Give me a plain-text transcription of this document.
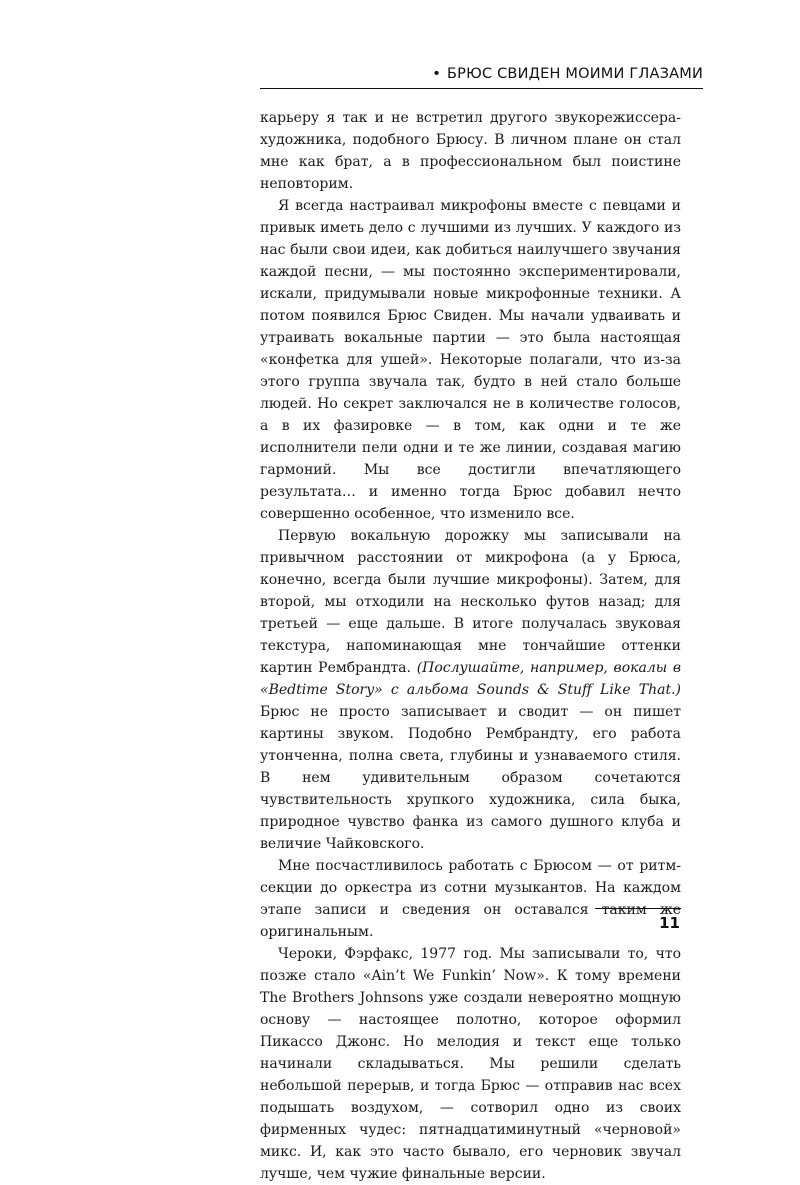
• БРЮС СВИДЕН МОИМИ ГЛАЗАМИ

карьеру я так и не встретил другого звукорежиссера-художника, подобного Брюсу. В личном плане он стал мне как брат, а в профессиональном был поистине неповторим.

Я всегда настраивал микрофоны вместе с певцами и привык иметь дело с лучшими из лучших. У каждого из нас были свои идеи, как добиться наилучшего звучания каждой песни, — мы постоянно экспериментировали, искали, придумывали новые микрофонные техники. А потом появился Брюс Свиден. Мы начали удваивать и утраивать вокальные партии — это была настоящая «конфетка для ушей». Некоторые полагали, что из-за этого группа звучала так, будто в ней стало больше людей. Но секрет заключался не в количестве голосов, а в их фазировке — в том, как одни и те же исполнители пели одни и те же линии, создавая магию гармоний. Мы все достигли впечатляющего результата… и именно тогда Брюс добавил нечто совершенно особенное, что изменило все.

Первую вокальную дорожку мы записывали на привычном расстоянии от микрофона (а у Брюса, конечно, всегда были лучшие микрофоны). Затем, для второй, мы отходили на несколько футов назад; для третьей — еще дальше. В итоге получалась звуковая текстура, напоминающая мне тончайшие оттенки картин Рембрандта. (Послушайте, например, вокалы в «Bedtime Story» с альбома Sounds & Stuff Like That.) Брюс не просто записывает и сводит — он пишет картины звуком. Подобно Рембрандту, его работа утонченна, полна света, глубины и узнаваемого стиля. В нем удивительным образом сочетаются чувствительность хрупкого художника, сила быка, природное чувство фанка из самого душного клуба и величие Чайковского.

Мне посчастливилось работать с Брюсом — от ритм-секции до оркестра из сотни музыкантов. На каждом этапе записи и сведения он оставался таким же оригинальным.

Чероки, Фэрфакс, 1977 год. Мы записывали то, что позже стало «Ain’t We Funkin’ Now». К тому времени The Brothers Johnsons уже создали невероятно мощную основу — настоящее полотно, которое оформил Пикассо Джонс. Но мелодия и текст еще только начинали складываться. Мы решили сделать небольшой перерыв, и тогда Брюс — отправив нас всех подышать воздухом, — сотворил одно из своих фирменных чудес: пятнадцатиминутный «черновой» микс. И, как это часто бывало, его черновик звучал лучше, чем чужие финальные версии.

11
